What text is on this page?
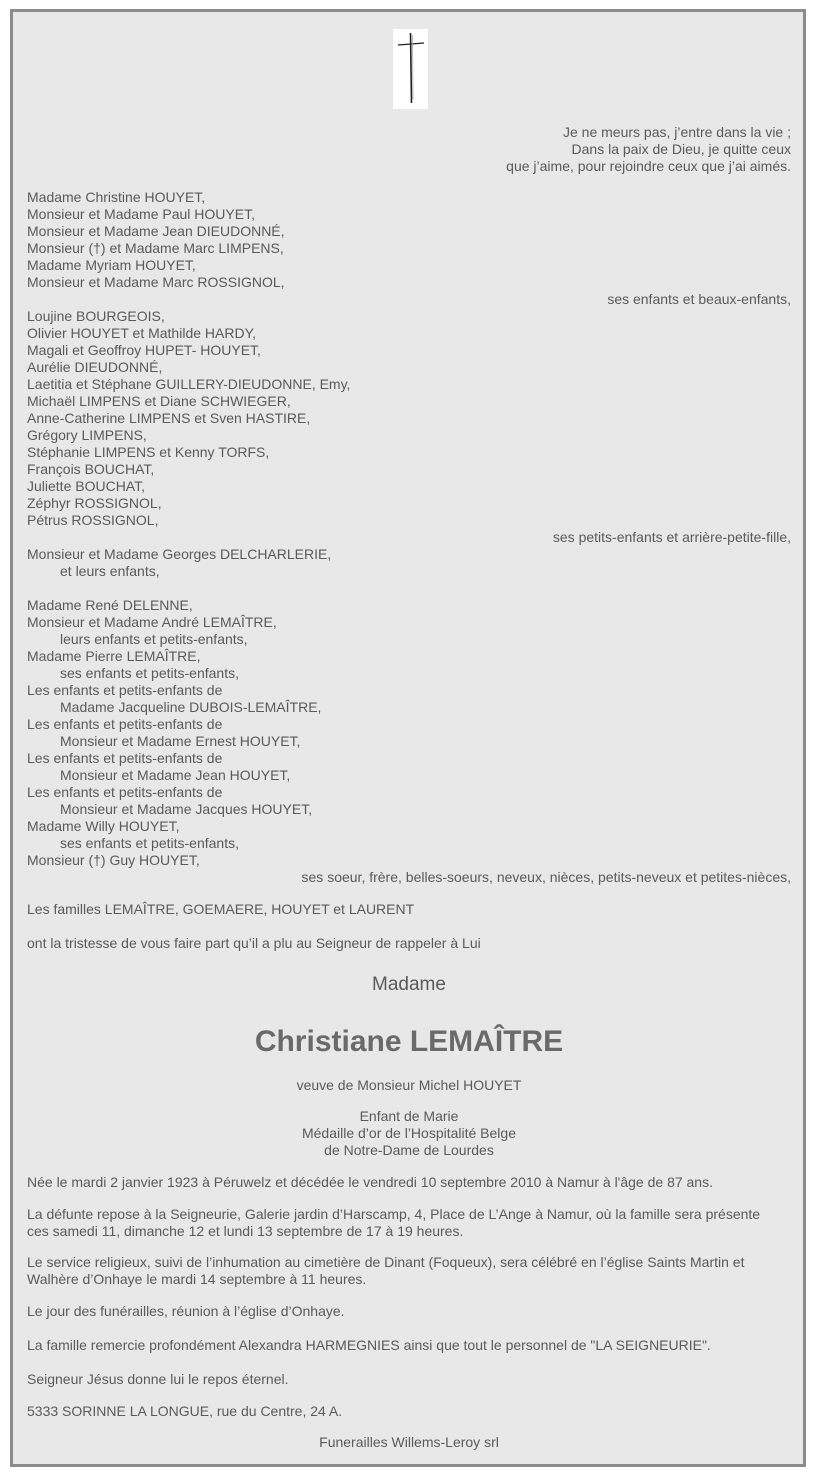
Je ne meurs pas, j’entre dans la vie ;
Dans la paix de Dieu, je quitte ceux
que j’aime, pour rejoindre ceux que j’ai aimés.
Madame Christine HOUYET,
Monsieur et Madame Paul HOUYET,
Monsieur et Madame Jean DIEUDONNÉ,
Monsieur (†) et Madame Marc LIMPENS,
Madame Myriam HOUYET,
Monsieur et Madame Marc ROSSIGNOL,
ses enfants et beaux-enfants,
Loujine BOURGEOIS,
Olivier HOUYET et Mathilde HARDY,
Magali et Geoffroy HUPET- HOUYET,
Aurélie DIEUDONNÉ,
Laetitia et Stéphane GUILLERY-DIEUDONNE, Emy,
Michaël LIMPENS et Diane SCHWIEGER,
Anne-Catherine LIMPENS et Sven HASTIRE,
Grégory LIMPENS,
Stéphanie LIMPENS et Kenny TORFS,
François BOUCHAT,
Juliette BOUCHAT,
Zéphyr ROSSIGNOL,
Pétrus ROSSIGNOL,
ses petits-enfants et arrière-petite-fille,
Monsieur et Madame Georges DELCHARLERIE,
et leurs enfants,
Madame René DELENNE,
Monsieur et Madame André LEMAÎTRE,
leurs enfants et petits-enfants,
Madame Pierre LEMAÎTRE,
ses enfants et petits-enfants,
Les enfants et petits-enfants de
Madame Jacqueline DUBOIS-LEMAÎTRE,
Les enfants et petits-enfants de
Monsieur et Madame Ernest HOUYET,
Les enfants et petits-enfants de
Monsieur et Madame Jean HOUYET,
Les enfants et petits-enfants de
Monsieur et Madame Jacques HOUYET,
Madame Willy HOUYET,
ses enfants et petits-enfants,
Monsieur (†) Guy HOUYET,
ses soeur, frère, belles-soeurs, neveux, nièces, petits-neveux et petites-nièces,
Les familles LEMAÎTRE, GOEMAERE, HOUYET et LAURENT
ont la tristesse de vous faire part qu’il a plu au Seigneur de rappeler à Lui
Madame
Christiane LEMAÎTRE
veuve de Monsieur Michel HOUYET
Enfant de Marie
Médaille d’or de l’Hospitalité Belge
de Notre-Dame de Lourdes
Née le mardi 2 janvier 1923 à Péruwelz et décédée le vendredi 10 septembre 2010 à Namur à l'âge de 87 ans.
La défunte repose à la Seigneurie, Galerie jardin d’Harscamp, 4, Place de L’Ange à Namur, où la famille sera présente
ces samedi 11, dimanche 12 et lundi 13 septembre de 17 à 19 heures.
Le service religieux, suivi de l’inhumation au cimetière de Dinant (Foqueux), sera célébré en l’église Saints Martin et
Walhère d’Onhaye le mardi 14 septembre à 11 heures.
Le jour des funérailles, réunion à l’église d’Onhaye.
La famille remercie profondément Alexandra HARMEGNIES ainsi que tout le personnel de "LA SEIGNEURIE".
Seigneur Jésus donne lui le repos éternel.
5333 SORINNE LA LONGUE, rue du Centre, 24 A.
Funerailles Willems-Leroy srl
